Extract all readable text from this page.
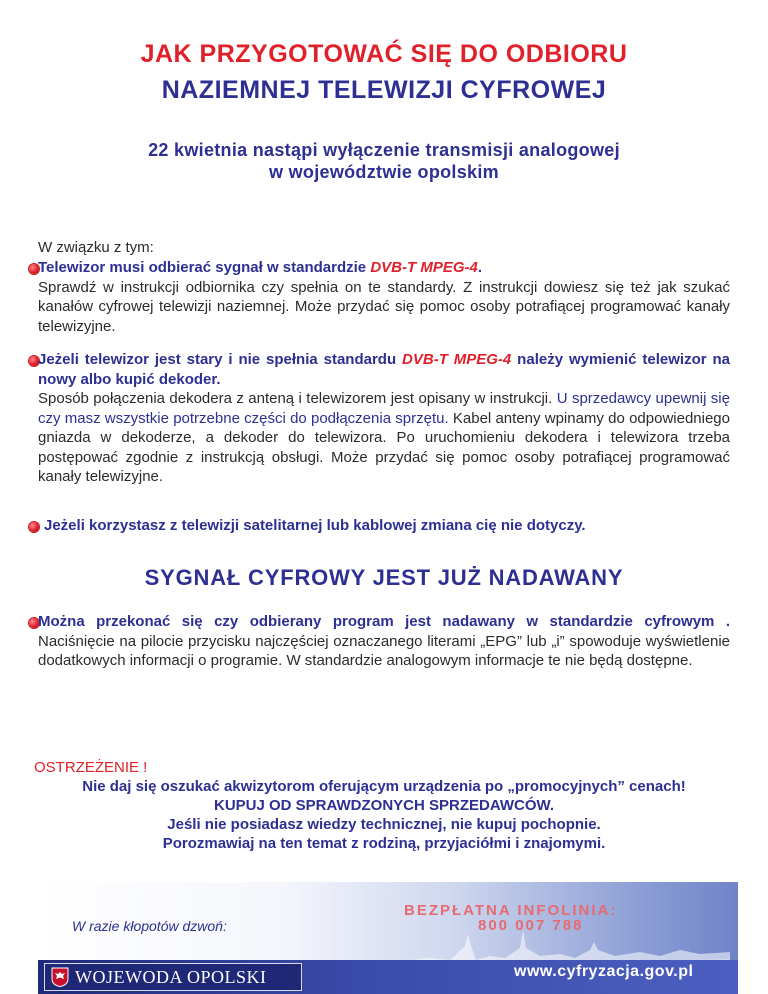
JAK PRZYGOTOWAĆ SIĘ DO ODBIORU
NAZIEMNEJ TELEWIZJI CYFROWEJ
22 kwietnia nastąpi wyłączenie transmisji analogowej
w województwie opolskim
W związku z tym:
Telewizor musi odbierać sygnał w standardzie DVB-T MPEG-4.
Sprawdź w instrukcji odbiornika czy spełnia on te standardy. Z instrukcji dowiesz się też jak szukać kanałów cyfrowej telewizji naziemnej. Może przydać się pomoc osoby potrafiącej programować kanały telewizyjne.
Jeżeli telewizor jest stary i nie spełnia standardu DVB-T MPEG-4 należy wymienić telewizor na nowy albo kupić dekoder.
Sposób połączenia dekodera z anteną i telewizorem jest opisany w instrukcji. U sprzedawcy upewnij się czy masz wszystkie potrzebne części do podłączenia sprzętu. Kabel anteny wpinamy do odpowiedniego gniazda w dekoderze, a dekoder do telewizora. Po uruchomieniu dekodera i telewizora trzeba postępować zgodnie z instrukcją obsługi. Może przydać się pomoc osoby potrafiącej programować kanały telewizyjne.
Jeżeli korzystasz z telewizji satelitarnej lub kablowej zmiana cię nie dotyczy.
SYGNAŁ CYFROWY JEST JUŻ NADAWANY
Można przekonać się czy odbierany program jest nadawany w standardzie cyfrowym . Naciśnięcie na pilocie przycisku najczęściej oznaczanego literami „EPG” lub „i” spowoduje wyświetlenie dodatkowych informacji o programie. W standardzie analogowym informacje te nie będą dostępne.
OSTRZEŻENIE !
Nie daj się oszukać akwizytorom oferującym urządzenia po „promocyjnych” cenach!
KUPUJ OD SPRAWDZONYCH SPRZEDAWCÓW.
Jeśli nie posiadasz wiedzy technicznej, nie kupuj pochopnie.
Porozmawiaj na ten temat z rodziną, przyjaciółmi i znajomymi.
W razie kłopotów dzwoń:
BEZPŁATNA INFOLINIA:
800 007 788
WOJEWODA OPOLSKI	www.cyfryzacja.gov.pl
